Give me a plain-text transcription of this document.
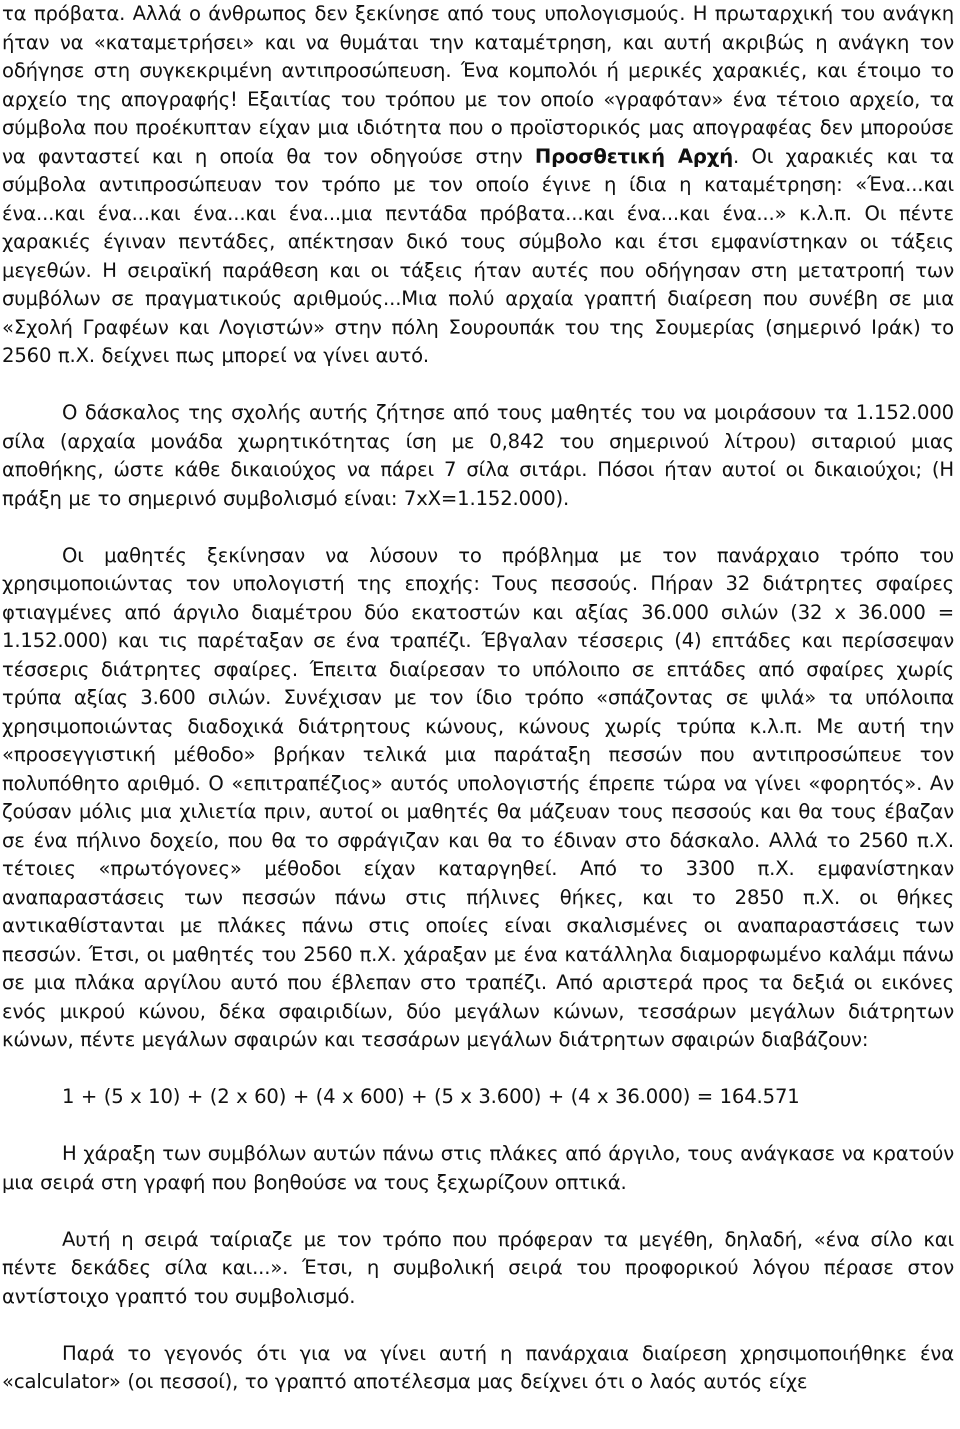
τα πρόβατα. Αλλά ο άνθρωπος δεν ξεκίνησε από τους υπολογισμούς. Η πρωταρχική του ανάγκη ήταν να «καταμετρήσει» και να θυμάται την καταμέτρηση, και αυτή ακριβώς η ανάγκη τον οδήγησε στη συγκεκριμένη αντιπροσώπευση. Ένα κομπολόι ή μερικές χαρακιές, και έτοιμο το αρχείο της απογραφής! Εξαιτίας του τρόπου με τον οποίο «γραφόταν» ένα τέτοιο αρχείο, τα σύμβολα που προέκυπταν είχαν μια ιδιότητα που ο προϊστορικός μας απογραφέας δεν μπορούσε να φανταστεί και η οποία θα τον οδηγούσε στην Προσθετική Αρχή. Οι χαρακιές και τα σύμβολα αντιπροσώπευαν τον τρόπο με τον οποίο έγινε η ίδια η καταμέτρηση: «Ένα...και ένα...και ένα...και ένα...και ένα...μια πεντάδα πρόβατα...και ένα...και ένα...» κ.λ.π. Οι πέντε χαρακιές έγιναν πεντάδες, απέκτησαν δικό τους σύμβολο και έτσι εμφανίστηκαν οι τάξεις μεγεθών. Η σειραϊκή παράθεση και οι τάξεις ήταν αυτές που οδήγησαν στη μετατροπή των συμβόλων σε πραγματικούς αριθμούς...Μια πολύ αρχαία γραπτή διαίρεση που συνέβη σε μια «Σχολή Γραφέων και Λογιστών» στην πόλη Σουρουπάκ του της Σουμερίας (σημερινό Ιράκ) το 2560 π.Χ. δείχνει πως μπορεί να γίνει αυτό.

Ο δάσκαλος της σχολής αυτής ζήτησε από τους μαθητές του να μοιράσουν τα 1.152.000 σίλα (αρχαία μονάδα χωρητικότητας ίση με 0,842 του σημερινού λίτρου) σιταριού μιας αποθήκης, ώστε κάθε δικαιούχος να πάρει 7 σίλα σιτάρι. Πόσοι ήταν αυτοί οι δικαιούχοι; (Η πράξη με το σημερινό συμβολισμό είναι: 7xX=1.152.000).

Οι μαθητές ξεκίνησαν να λύσουν το πρόβλημα με τον πανάρχαιο τρόπο του χρησιμοποιώντας τον υπολογιστή της εποχής: Τους πεσσούς. Πήραν 32 διάτρητες σφαίρες φτιαγμένες από άργιλο διαμέτρου δύο εκατοστών και αξίας 36.000 σιλών (32 x 36.000 = 1.152.000) και τις παρέταξαν σε ένα τραπέζι. Έβγαλαν τέσσερις (4) επτάδες και περίσσεψαν τέσσερις διάτρητες σφαίρες. Έπειτα διαίρεσαν το υπόλοιπο σε επτάδες από σφαίρες χωρίς τρύπα αξίας 3.600 σιλών. Συνέχισαν με τον ίδιο τρόπο «σπάζοντας σε ψιλά» τα υπόλοιπα χρησιμοποιώντας διαδοχικά διάτρητους κώνους, κώνους χωρίς τρύπα κ.λ.π. Με αυτή την «προσεγγιστική μέθοδο» βρήκαν τελικά μια παράταξη πεσσών που αντιπροσώπευε τον πολυπόθητο αριθμό. Ο «επιτραπέζιος» αυτός υπολογιστής έπρεπε τώρα να γίνει «φορητός». Αν ζούσαν μόλις μια χιλιετία πριν, αυτοί οι μαθητές θα μάζευαν τους πεσσούς και θα τους έβαζαν σε ένα πήλινο δοχείο, που θα το σφράγιζαν και θα το έδιναν στο δάσκαλο. Αλλά το 2560 π.Χ. τέτοιες «πρωτόγονες» μέθοδοι είχαν καταργηθεί. Από το 3300 π.Χ. εμφανίστηκαν αναπαραστάσεις των πεσσών πάνω στις πήλινες θήκες, και το 2850 π.Χ. οι θήκες αντικαθίστανται με πλάκες πάνω στις οποίες είναι σκαλισμένες οι αναπαραστάσεις των πεσσών. Έτσι, οι μαθητές του 2560 π.Χ. χάραξαν με ένα κατάλληλα διαμορφωμένο καλάμι πάνω σε μια πλάκα αργίλου αυτό που έβλεπαν στο τραπέζι. Από αριστερά προς τα δεξιά οι εικόνες ενός μικρού κώνου, δέκα σφαιριδίων, δύο μεγάλων κώνων, τεσσάρων μεγάλων διάτρητων κώνων, πέντε μεγάλων σφαιρών και τεσσάρων μεγάλων διάτρητων σφαιρών διαβάζουν:

1 + (5 x 10) + (2 x 60) + (4 x 600) + (5 x 3.600) + (4 x 36.000) = 164.571

Η χάραξη των συμβόλων αυτών πάνω στις πλάκες από άργιλο, τους ανάγκασε να κρατούν μια σειρά στη γραφή που βοηθούσε να τους ξεχωρίζουν οπτικά.

Αυτή η σειρά ταίριαζε με τον τρόπο που πρόφεραν τα μεγέθη, δηλαδή, «ένα σίλο και πέντε δεκάδες σίλα και...». Έτσι, η συμβολική σειρά του προφορικού λόγου πέρασε στον αντίστοιχο γραπτό του συμβολισμό.

Παρά το γεγονός ότι για να γίνει αυτή η πανάρχαια διαίρεση χρησιμοποιήθηκε ένα «calculator» (οι πεσσοί), το γραπτό αποτέλεσμα μας δείχνει ότι ο λαός αυτός είχε
